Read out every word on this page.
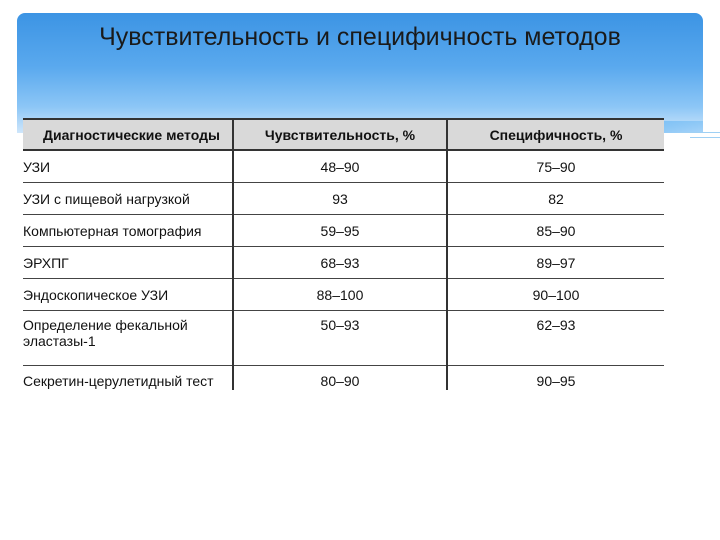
Чувствительность и специфичность методов
Диагностические методы	Чувствительность, %	Специфичность, %
УЗИ	48–90	75–90
УЗИ с пищевой нагрузкой	93	82
Компьютерная томография	59–95	85–90
ЭРХПГ	68–93	89–97
Эндоскопическое УЗИ	88–100	90–100
Определение фекальной эластазы-1	50–93	62–93
Секретин-церулетидный тест	80–90	90–95
